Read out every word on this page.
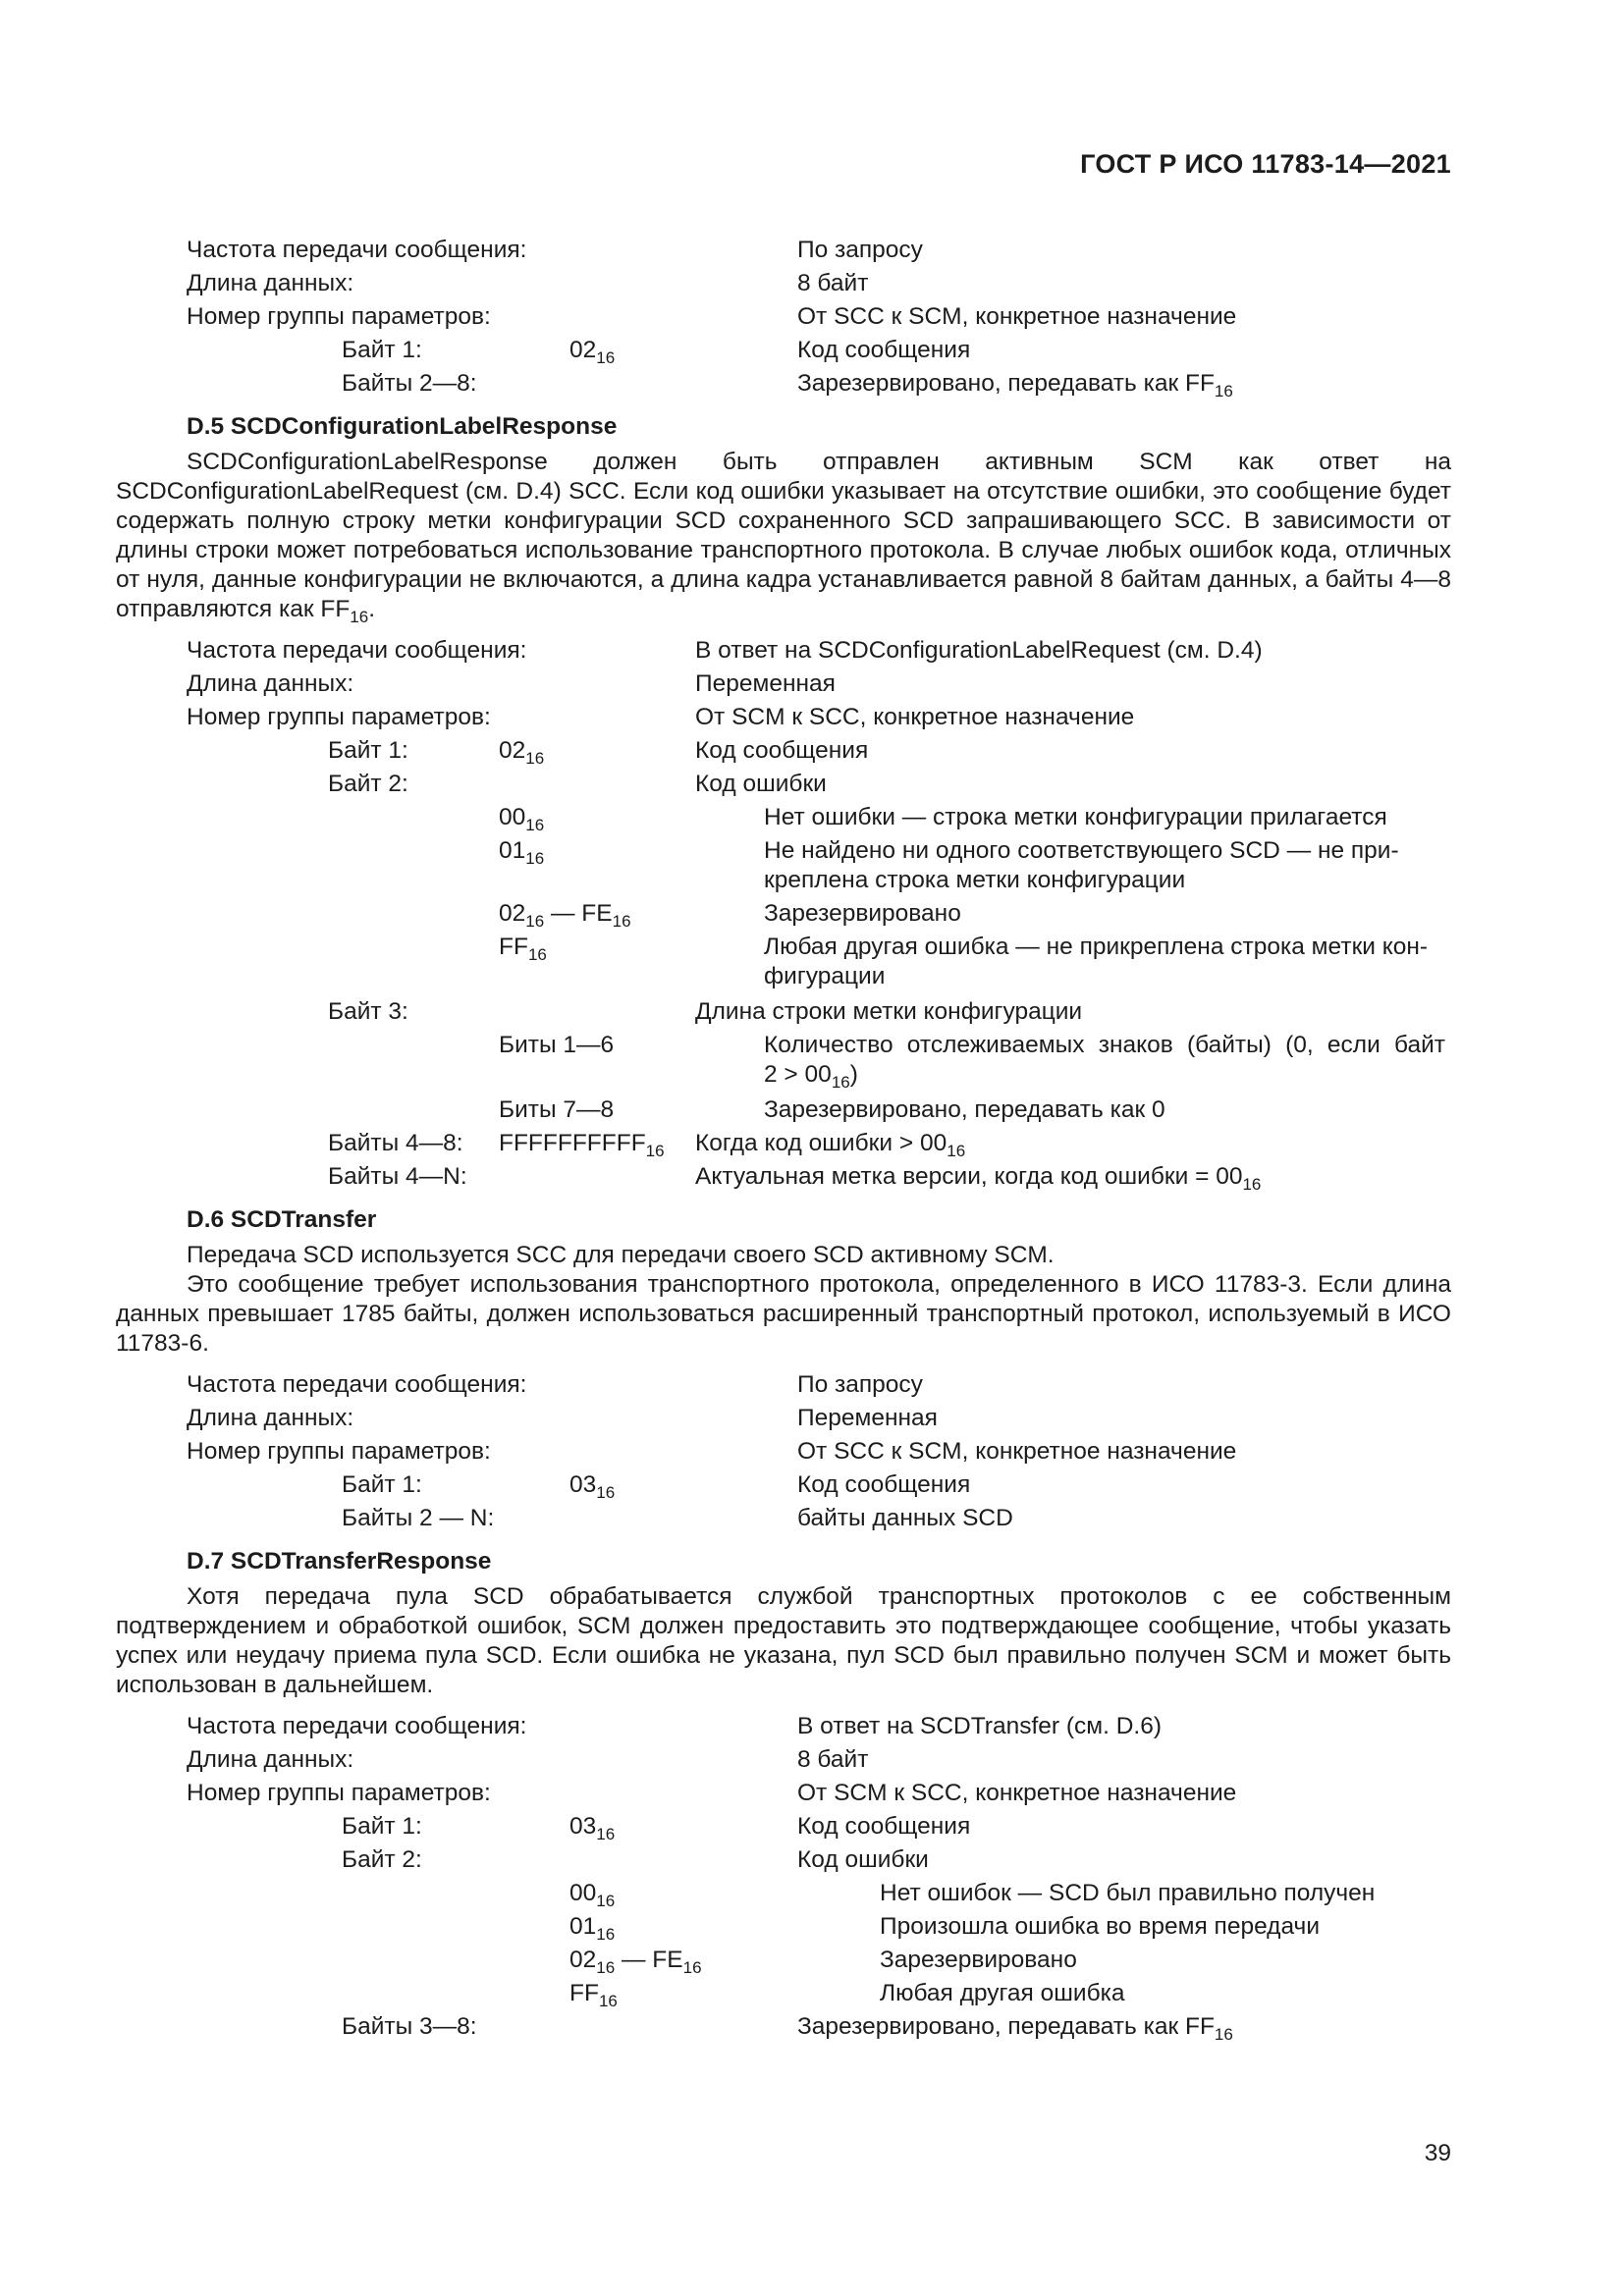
ГОСТ Р ИСО 11783-14—2021
Частота передачи сообщения:	По запросу
Длина данных:	8 байт
Номер группы параметров:	От SCC к SCM, конкретное назначение
Байт 1:	$02_{16}$	Код сообщения
Байты 2—8:	Зарезервировано, передавать как $FF_{16}$
D.5 SCDConfigurationLabelResponse
SCDConfigurationLabelResponse должен быть отправлен активным SCM как ответ на SCDConfigurationLabelRequest (см. D.4) SCC. Если код ошибки указывает на отсутствие ошибки, это сообщение будет содержать полную строку метки конфигурации SCD сохраненного SCD запрашивающего SCC. В зависимости от длины строки может потребоваться использование транспортного протокола. В случае любых ошибок кода, отличных от нуля, данные конфигурации не включаются, а длина кадра устанавливается равной 8 байтам данных, а байты 4—8 отправляются как $FF_{16}$.
Частота передачи сообщения:	В ответ на SCDConfigurationLabelRequest (см. D.4)
Длина данных:	Переменная
Номер группы параметров:	От SCM к SCC, конкретное назначение
Байт 1:	$02_{16}$	Код сообщения
Байт 2:	Код ошибки
$00_{16}$	Нет ошибки — строка метки конфигурации прилагается
$01_{16}$	Не найдено ни одного соответствующего SCD — не при-
креплена строка метки конфигурации
$02_{16}$ — $FE_{16}$	Зарезервировано
$FF_{16}$	Любая другая ошибка — не прикреплена строка метки кон-
фигурации
Байт 3:	Длина строки метки конфигурации
Биты 1—6	Количество отслеживаемых знаков (байты) (0, если байт
$2 > 00_{16}$)
Биты 7—8	Зарезервировано, передавать как 0
Байты 4—8: $FFFFFFFFFF_{16}$ Когда код ошибки > $00_{16}$
Байты 4—N:	Актуальная метка версии, когда код ошибки = $00_{16}$
D.6 SCDTransfer
Передача SCD используется SCC для передачи своего SCD активному SCM.
Это сообщение требует использования транспортного протокола, определенного в ИСО 11783-3. Если длина данных превышает 1785 байты, должен использоваться расширенный транспортный протокол, используемый в ИСО 11783-6.
Частота передачи сообщения:	По запросу
Длина данных:	Переменная
Номер группы параметров:	От SCC к SCM, конкретное назначение
Байт 1:	$03_{16}$	Код сообщения
Байты 2 — N:	байты данных SCD
D.7 SCDTransferResponse
Хотя передача пула SCD обрабатывается службой транспортных протоколов с ее собственным подтверждением и обработкой ошибок, SCM должен предоставить это подтверждающее сообщение, чтобы указать успех или неудачу приема пула SCD. Если ошибка не указана, пул SCD был правильно получен SCM и может быть использован в дальнейшем.
Частота передачи сообщения:	В ответ на SCDTransfer (см. D.6)
Длина данных:	8 байт
Номер группы параметров:	От SCM к SCC, конкретное назначение
Байт 1:	$03_{16}$	Код сообщения
Байт 2:	Код ошибки
$00_{16}$	Нет ошибок — SCD был правильно получен
$01_{16}$	Произошла ошибка во время передачи
$02_{16}$ — $FE_{16}$	Зарезервировано
$FF_{16}$	Любая другая ошибка
Байты 3—8:	Зарезервировано, передавать как $FF_{16}$
39
